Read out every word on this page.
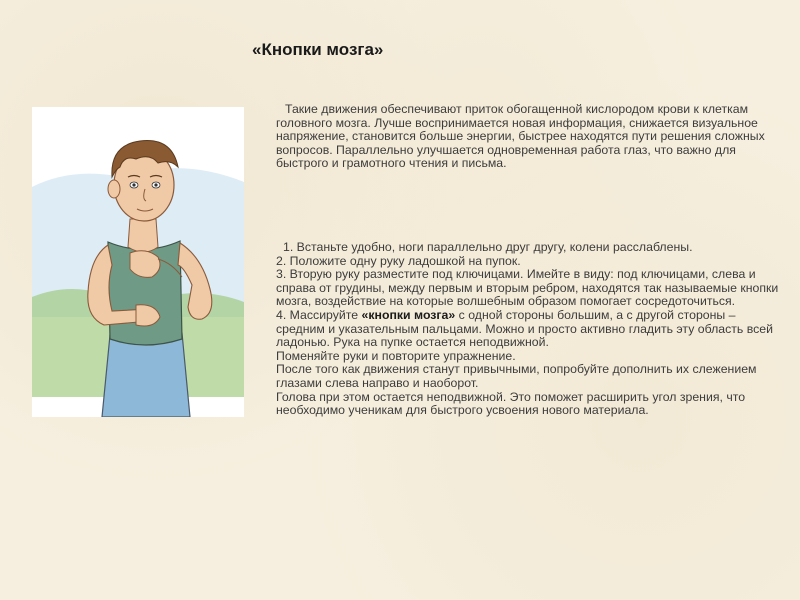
«Кнопки мозга»
Такие движения обеспечивают приток обогащенной кислородом крови к клеткам головного мозга. Лучше воспринимается новая информация, снижается визуальное напряжение, становится больше энергии, быстрее находятся пути решения сложных вопросов. Параллельно улучшается одновременная работа глаз, что важно для быстрого и грамотного чтения и письма.
1. Встаньте удобно, ноги параллельно друг другу, колени расслаблены.
2. Положите одну руку ладошкой на пупок.
3. Вторую руку разместите под ключицами. Имейте в виду: под ключицами, слева и справа от грудины, между первым и вторым ребром, находятся так называемые кнопки мозга, воздействие на которые волшебным образом помогает сосредоточиться.
4. Массируйте «кнопки мозга» с одной стороны большим, а с другой стороны – средним и указательным пальцами. Можно и просто активно гладить эту область всей ладонью. Рука на пупке остается неподвижной.
Поменяйте руки и повторите упражнение.
После того как движения станут привычными, попробуйте дополнить их слежением глазами слева направо и наоборот.
Голова при этом остается неподвижной. Это поможет расширить угол зрения, что необходимо ученикам для быстрого усвоения нового материала.
